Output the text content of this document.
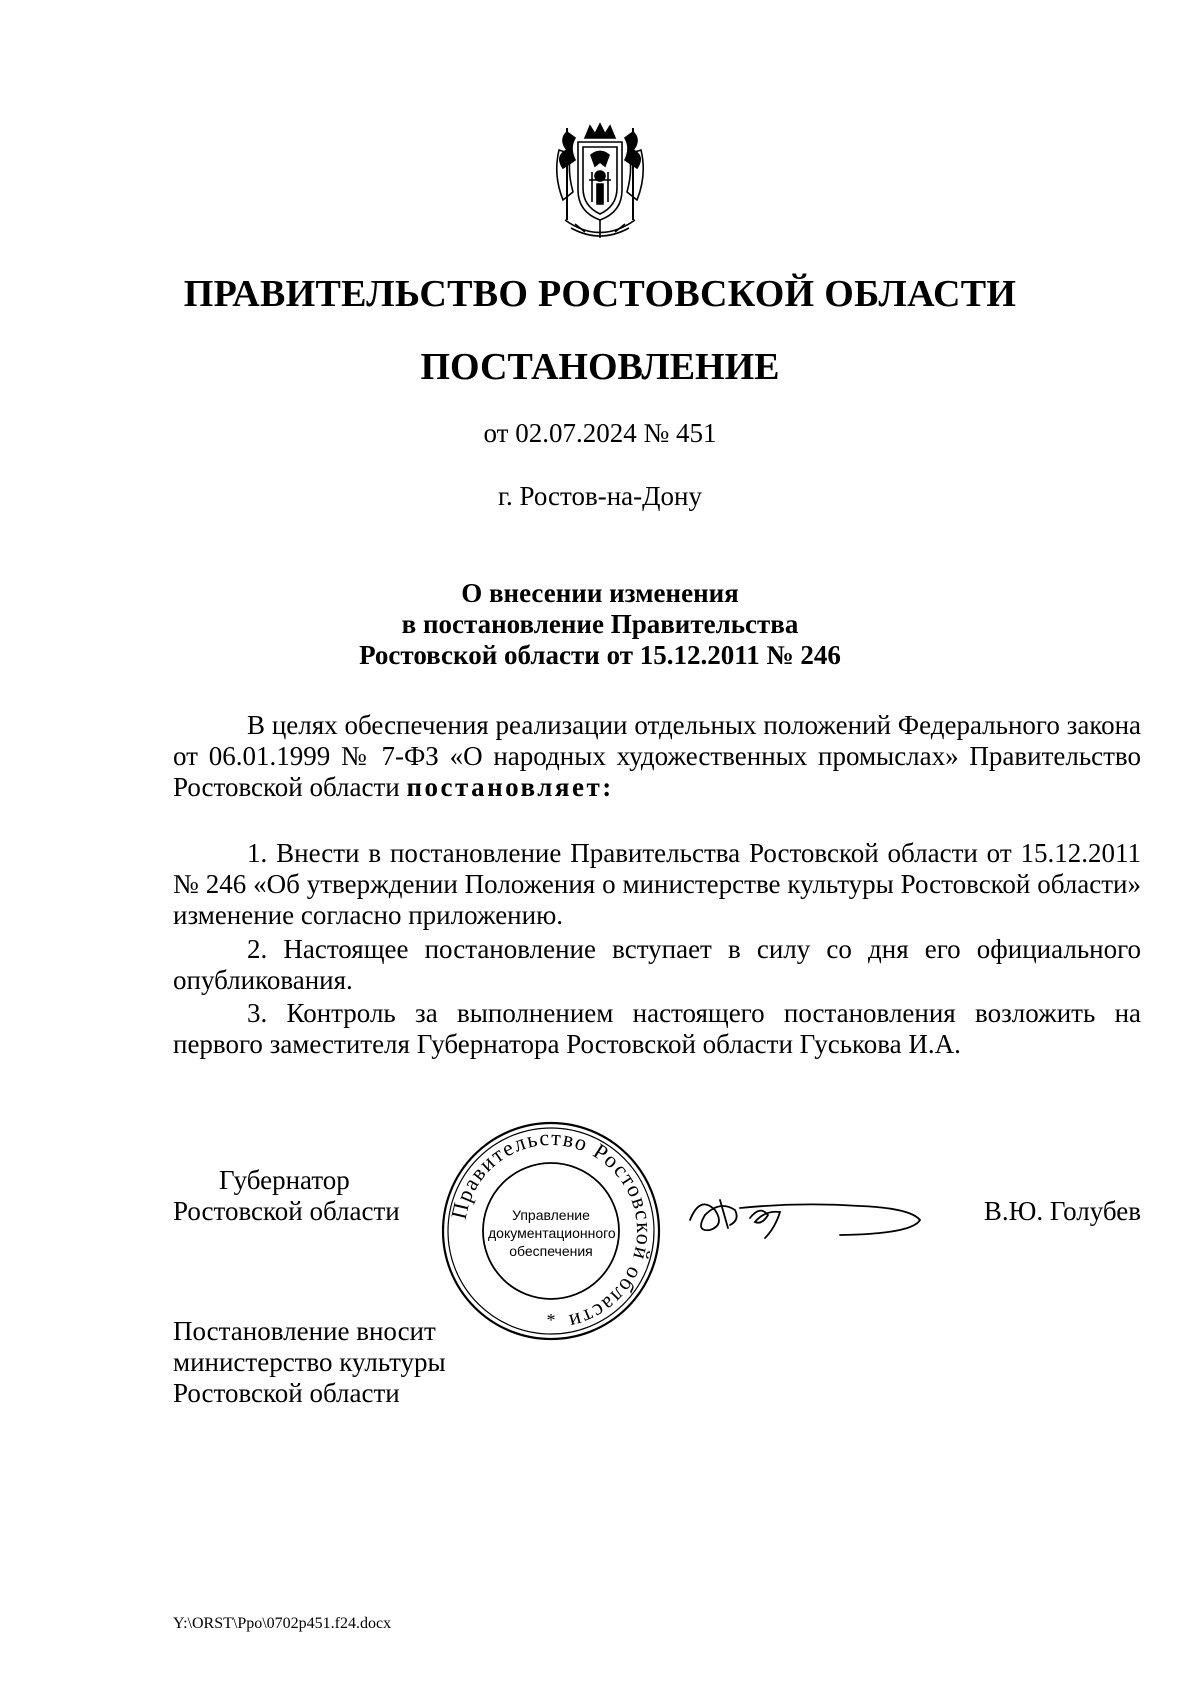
ПРАВИТЕЛЬСТВО РОСТОВСКОЙ ОБЛАСТИ
ПОСТАНОВЛЕНИЕ
от 02.07.2024 № 451
г. Ростов-на-Дону
О внесении изменения
в постановление Правительства
Ростовской области от 15.12.2011 № 246

В целях обеспечения реализации отдельных положений Федерального закона от 06.01.1999 № 7-ФЗ «О народных художественных промыслах» Правительство Ростовской области постановляет:

1. Внести в постановление Правительства Ростовской области от 15.12.2011 № 246 «Об утверждении Положения о министерстве культуры Ростовской области» изменение согласно приложению.

2. Настоящее постановление вступает в силу со дня его официального опубликования.

3. Контроль за выполнением настоящего постановления возложить на первого заместителя Губернатора Ростовской области Гуськова И.А.

Губернатор
Ростовской области	Правительство Ростовской области
*
Управление
документационного
обеспечения
В.Ю. Голубев
Постановление вносит
министерство культуры
Ростовской области
Y:\ORST\Ppo\0702p451.f24.docx
